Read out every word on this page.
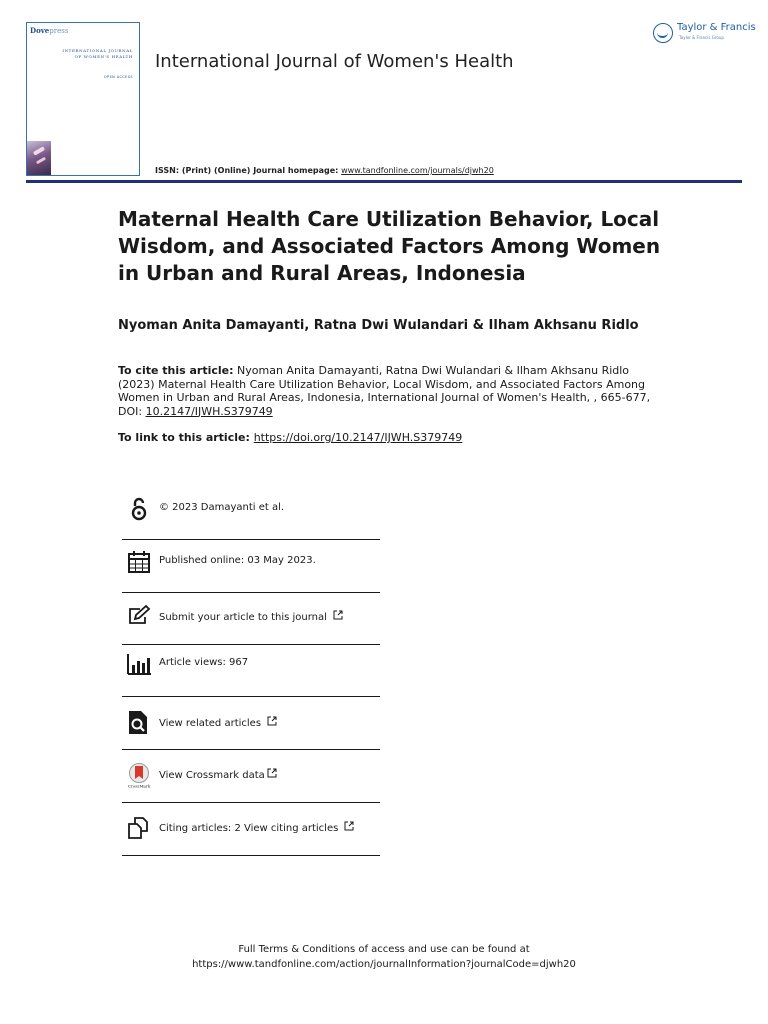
Dovepress
INTERNATIONAL JOURNAL
OF WOMEN'S HEALTH
OPEN ACCESS
International Journal of Women's Health
Taylor & Francis
Taylor & Francis Group
ISSN: (Print) (Online) Journal homepage: www.tandfonline.com/journals/djwh20
Maternal Health Care Utilization Behavior, Local Wisdom, and Associated Factors Among Women in Urban and Rural Areas, Indonesia
Nyoman Anita Damayanti, Ratna Dwi Wulandari & Ilham Akhsanu Ridlo
To cite this article: Nyoman Anita Damayanti, Ratna Dwi Wulandari & Ilham Akhsanu Ridlo (2023) Maternal Health Care Utilization Behavior, Local Wisdom, and Associated Factors Among Women in Urban and Rural Areas, Indonesia, International Journal of Women's Health, , 665-677, DOI: 10.2147/IJWH.S379749
To link to this article: https://doi.org/10.2147/IJWH.S379749
© 2023 Damayanti et al.
Published online: 03 May 2023.
Submit your article to this journal
Article views: 967
View related articles
CrossMark
View Crossmark data
Citing articles: 2 View citing articles
Full Terms & Conditions of access and use can be found at
https://www.tandfonline.com/action/journalInformation?journalCode=djwh20
